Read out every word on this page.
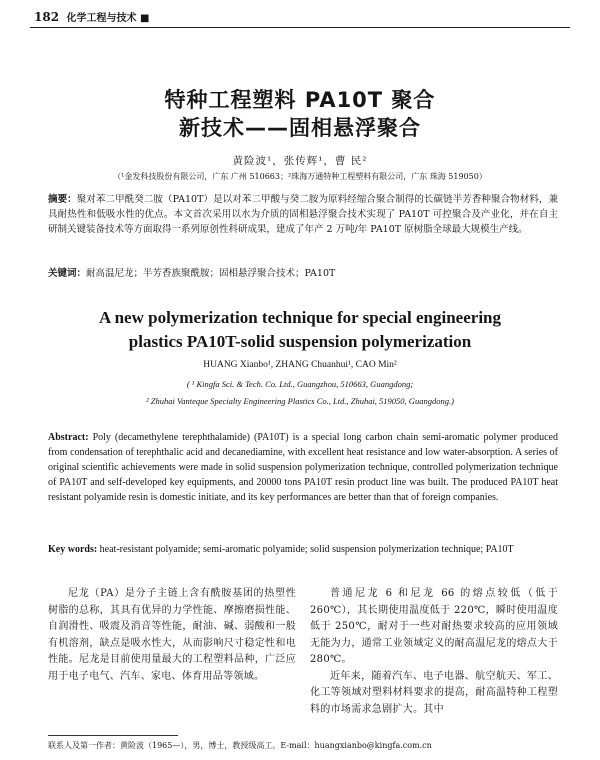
182 化学工程与技术 ■
特种工程塑料 PA10T 聚合
新技术——固相悬浮聚合
黄险波¹，张传辉¹，曹 民²
（¹金发科技股份有限公司，广东 广州 510663；²珠海万通特种工程塑料有限公司，广东 珠海 519050）
摘要：聚对苯二甲酰癸二胺（PA10T）是以对苯二甲酸与癸二胺为原料经缩合聚合制得的长碳链半芳香种聚合物材料，兼具耐热性和低吸水性的优点。本文首次采用以水为介质的固相悬浮聚合技术实现了 PA10T 可控聚合及产业化，并在自主研制关键装备技术等方面取得一系列原创性科研成果，建成了年产 2 万吨/年 PA10T 原树脂全球最大规模生产线。
关键词：耐高温尼龙；半芳香族聚酰胺；固相悬浮聚合技术；PA10T
A new polymerization technique for special engineering
plastics PA10T-solid suspension polymerization
HUANG Xianbo¹, ZHANG Chuanhui¹, CAO Min²
( ¹ Kingfa Sci. & Tech. Co. Ltd., Guangzhou, 510663, Guangdong;
² Zhuhai Vanteque Specialty Engineering Plastics Co., Ltd., Zhuhai, 519050, Guangdong.)
Abstract: Poly (decamethylene terephthalamide) (PA10T) is a special long carbon chain semi-aromatic polymer produced from condensation of terephthalic acid and decanediamine, with excellent heat resistance and low water-absorption. A series of original scientific achievements were made in solid suspension polymerization technique, controlled polymerization technique of PA10T and self-developed key equipments, and 20000 tons PA10T resin product line was built. The produced PA10T heat resistant polyamide resin is domestic initiate, and its key performances are better than that of foreign companies.
Key words: heat-resistant polyamide; semi-aromatic polyamide; solid suspension polymerization technique; PA10T

尼龙（PA）是分子主链上含有酰胺基团的热塑性树脂的总称，其具有优异的力学性能、摩擦磨损性能、自润滑性、吸震及消音等性能，耐油、碱、弱酸和一般有机溶剂，缺点是吸水性大，从而影响尺寸稳定性和电性能。尼龙是目前使用量最大的工程塑料品种，广泛应用于电子电气、汽车、家电、体育用品等领域。

普通尼龙 6 和尼龙 66 的熔点较低（低于 260℃），其长期使用温度低于 220℃，瞬时使用温度低于 250℃，耐对于一些对耐热要求较高的应用领域无能为力，通常工业领域定义的耐高温尼龙的熔点大于 280℃。

近年来，随着汽车、电子电器、航空航天、军工、化工等领域对塑料材料要求的提高，耐高温特种工程塑料的市场需求急剧扩大。其中

联系人及第一作者：黄险波（1965—），男，博士，教授级高工。E-mail：huangxianbo@kingfa.com.cn
